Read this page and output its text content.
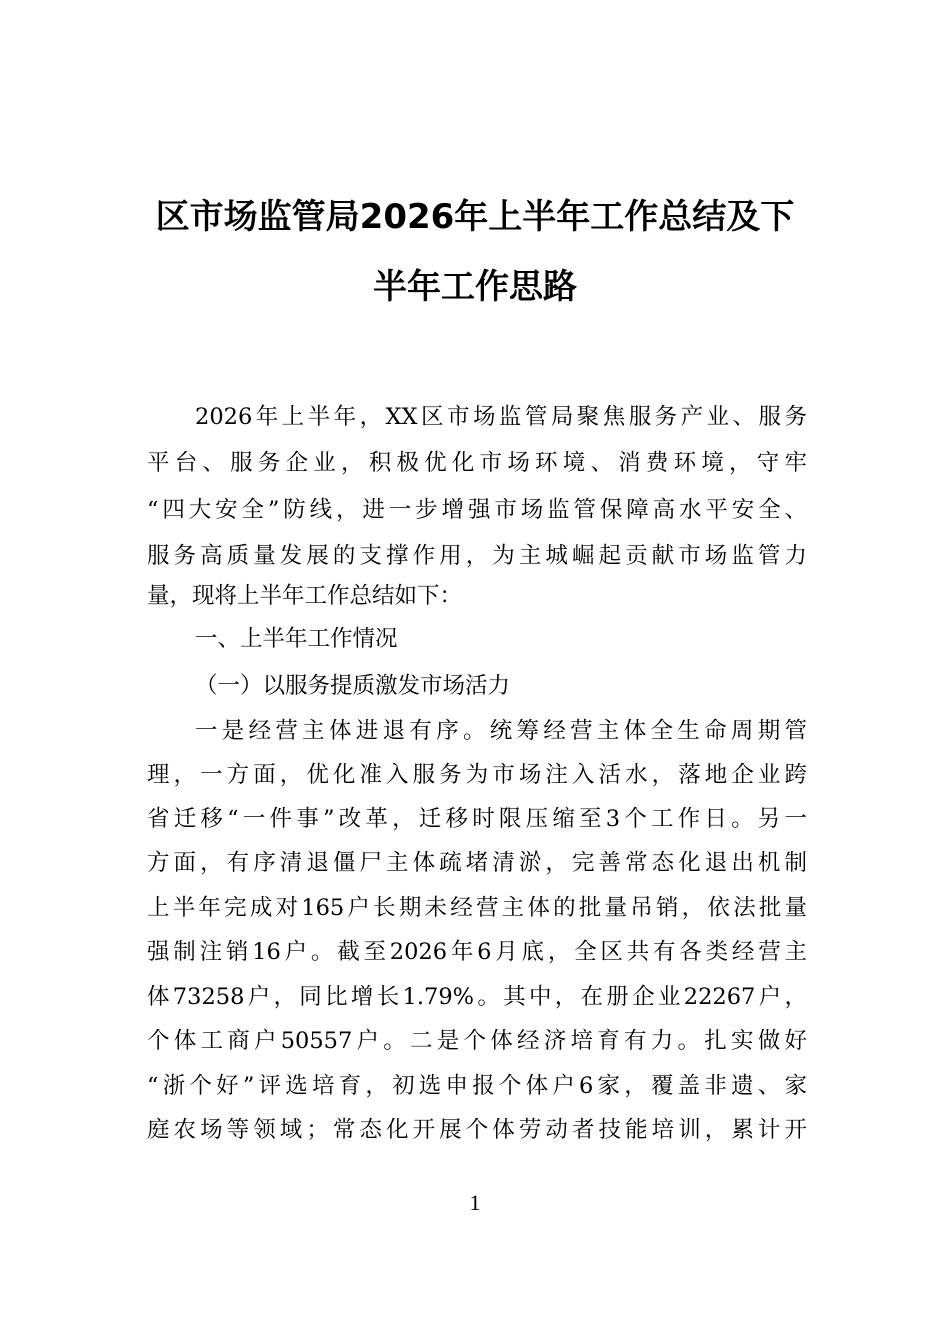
区市场监管局2026年上半年工作总结及下
半年工作思路
2026年上半年，XX区市场监管局聚焦服务产业、服务
平台、服务企业，积极优化市场环境、消费环境，守牢
“四大安全”防线，进一步增强市场监管保障高水平安全、
服务高质量发展的支撑作用，为主城崛起贡献市场监管力
量，现将上半年工作总结如下：
一、上半年工作情况
（一）以服务提质激发市场活力
一是经营主体进退有序。统筹经营主体全生命周期管
理，一方面，优化准入服务为市场注入活水，落地企业跨
省迁移“一件事”改革，迁移时限压缩至3个工作日。另一
方面，有序清退僵尸主体疏堵清淤，完善常态化退出机制
上半年完成对165户长期未经营主体的批量吊销，依法批量
强制注销16户。截至2026年6月底，全区共有各类经营主
体73258户，同比增长1.79%。其中，在册企业22267户，
个体工商户50557户。二是个体经济培育有力。扎实做好
“浙个好”评选培育，初选申报个体户6家，覆盖非遗、家
庭农场等领域；常态化开展个体劳动者技能培训，累计开
1
